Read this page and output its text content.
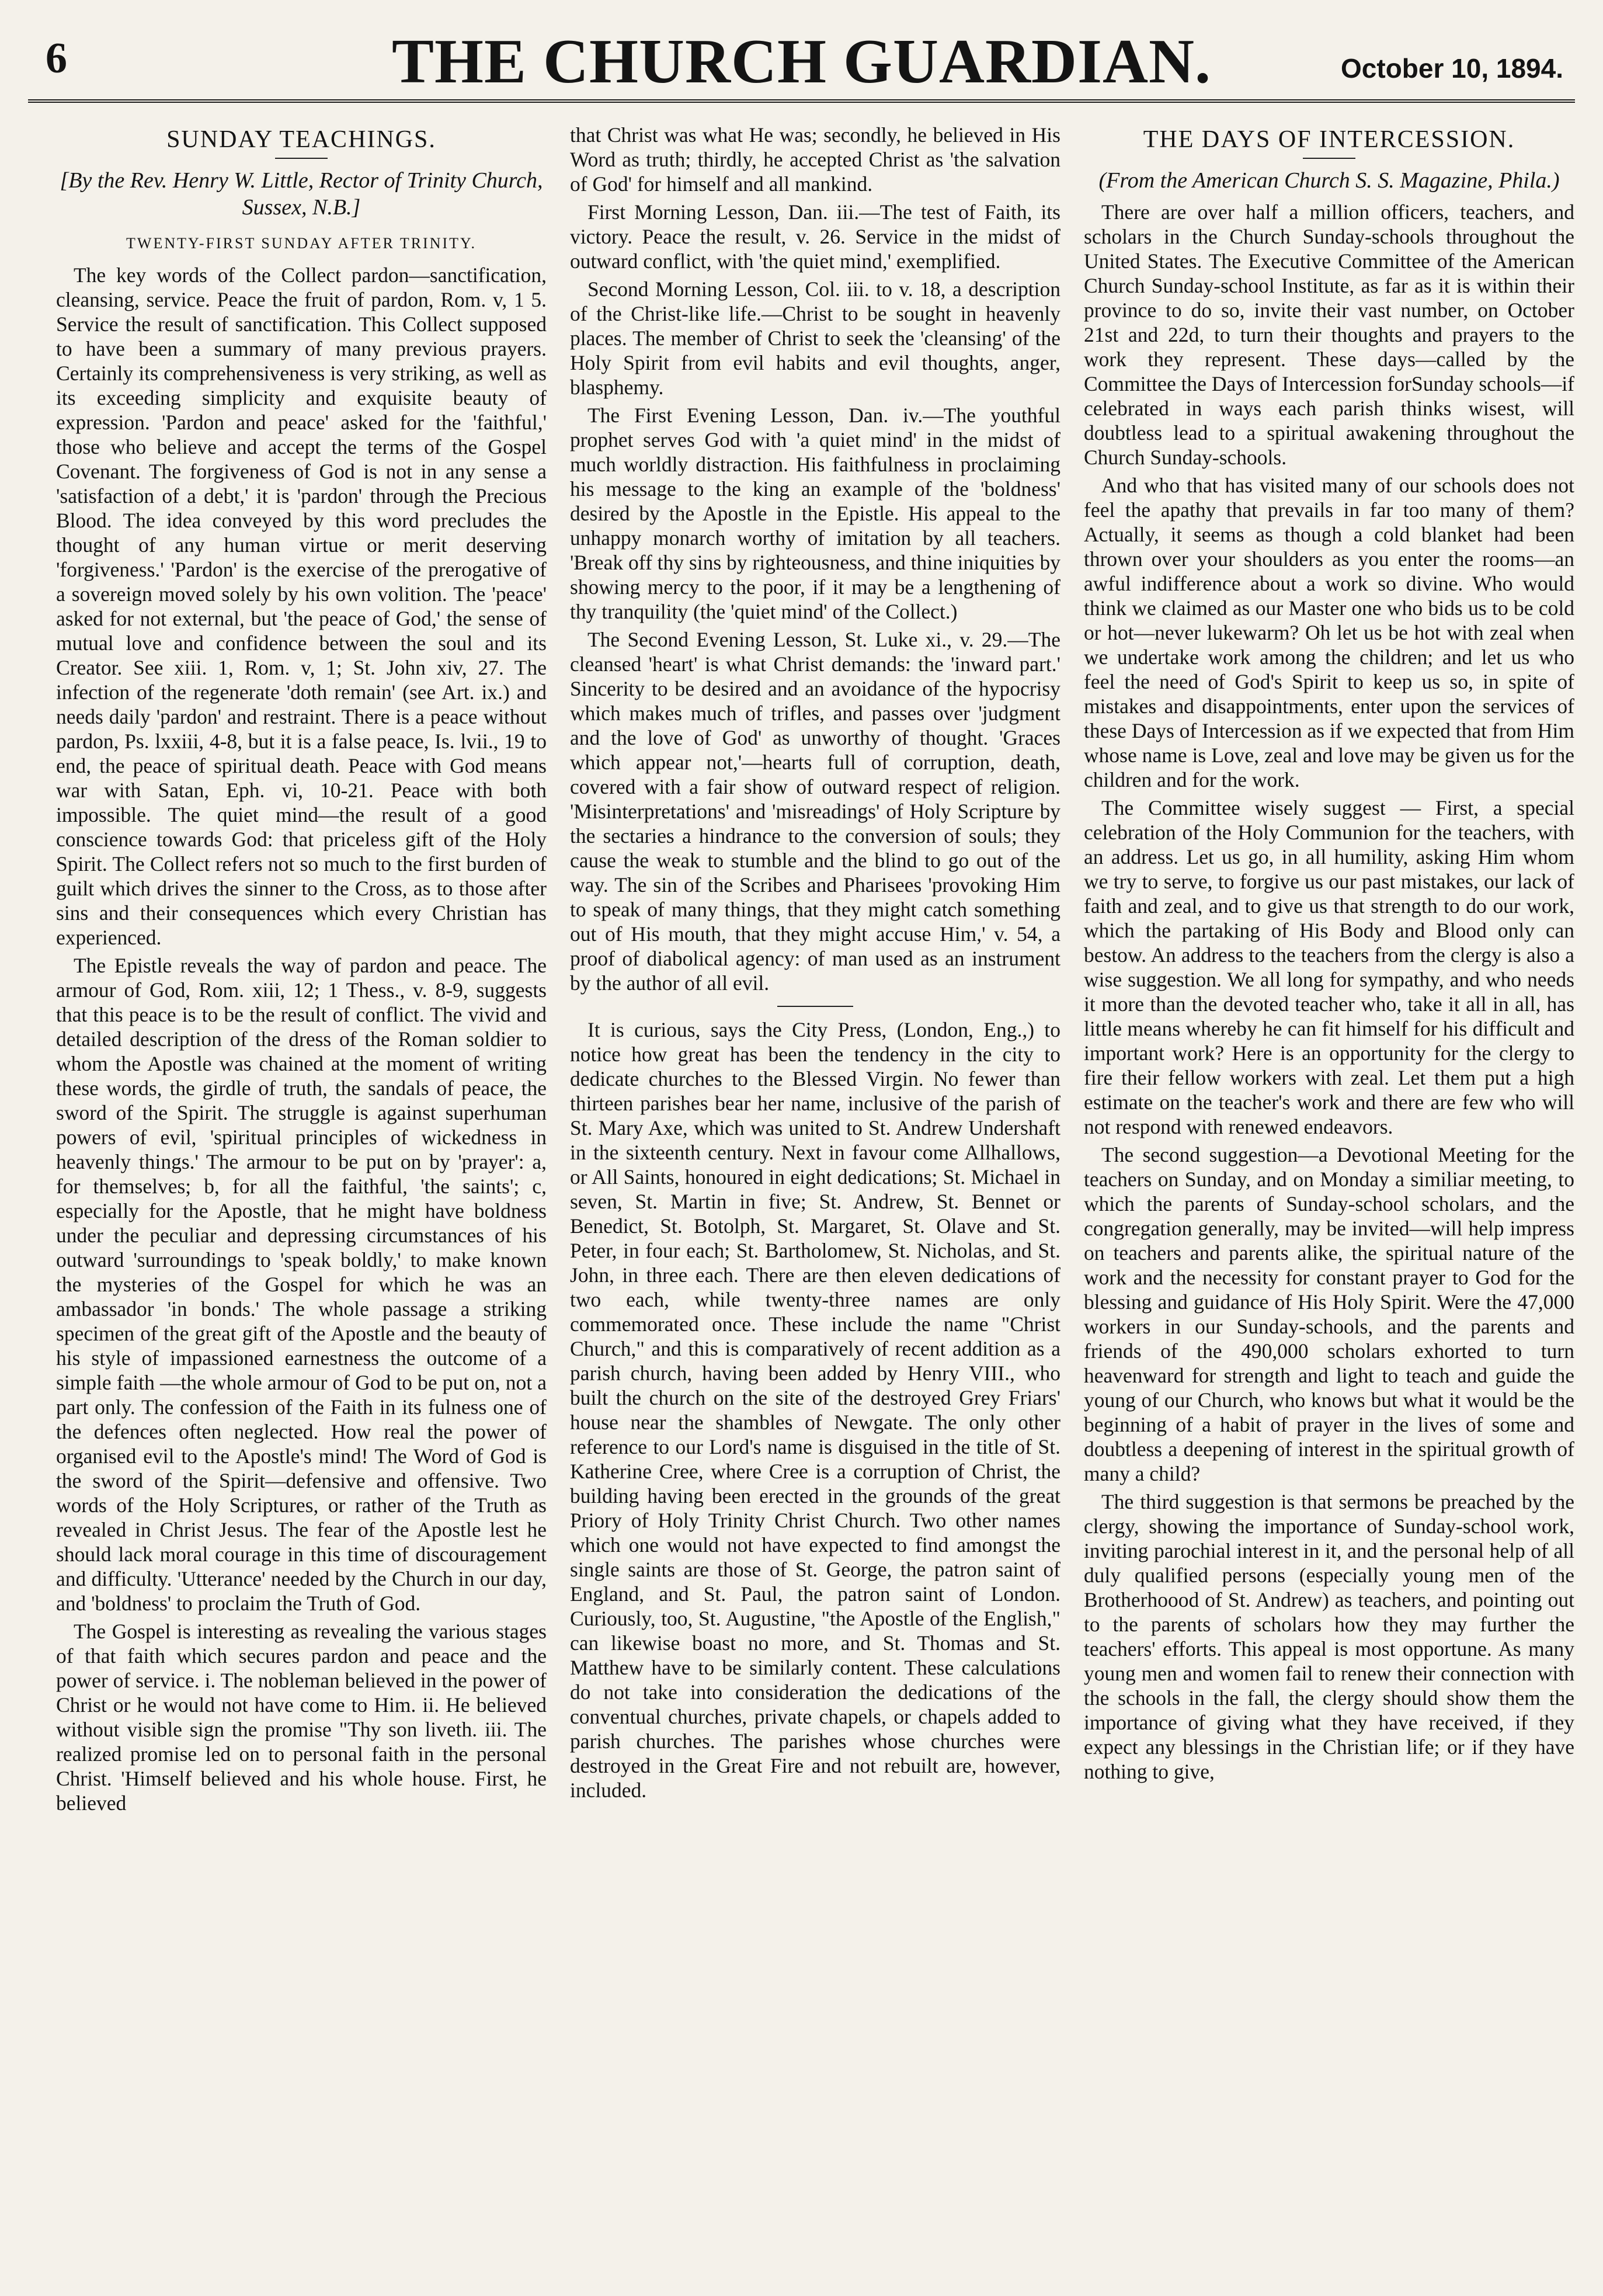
6	THE CHURCH GUARDIAN.	October 10, 1894.
SUNDAY TEACHINGS.
[By the Rev. Henry W. Little, Rector of Trinity Church, Sussex, N.B.]
TWENTY-FIRST SUNDAY AFTER TRINITY.

The key words of the Collect pardon—sanctification, cleansing, service. Peace the fruit of pardon, Rom. v, 1 5. Service the result of sanctification. This Collect supposed to have been a summary of many previous prayers. Certainly its comprehensiveness is very striking, as well as its exceeding simplicity and exquisite beauty of expression. 'Pardon and peace' asked for the 'faithful,' those who believe and accept the terms of the Gospel Covenant. The forgiveness of God is not in any sense a 'satisfaction of a debt,' it is 'pardon' through the Precious Blood. The idea conveyed by this word precludes the thought of any human virtue or merit deserving 'forgiveness.' 'Pardon' is the exercise of the prerogative of a sovereign moved solely by his own volition. The 'peace' asked for not external, but 'the peace of God,' the sense of mutual love and confidence between the soul and its Creator. See xiii. 1, Rom. v, 1; St. John xiv, 27. The infection of the regenerate 'doth remain' (see Art. ix.) and needs daily 'pardon' and restraint. There is a peace without pardon, Ps. lxxiii, 4-8, but it is a false peace, Is. lvii., 19 to end, the peace of spiritual death. Peace with God means war with Satan, Eph. vi, 10-21. Peace with both impossible. The quiet mind—the result of a good conscience towards God: that priceless gift of the Holy Spirit. The Collect refers not so much to the first burden of guilt which drives the sinner to the Cross, as to those after sins and their consequences which every Christian has experienced.

The Epistle reveals the way of pardon and peace. The armour of God, Rom. xiii, 12; 1 Thess., v. 8-9, suggests that this peace is to be the result of conflict. The vivid and detailed description of the dress of the Roman soldier to whom the Apostle was chained at the moment of writing these words, the girdle of truth, the sandals of peace, the sword of the Spirit. The struggle is against superhuman powers of evil, 'spiritual principles of wickedness in heavenly things.' The armour to be put on by 'prayer': a, for themselves; b, for all the faithful, 'the saints'; c, especially for the Apostle, that he might have boldness under the peculiar and depressing circumstances of his outward 'surroundings to 'speak boldly,' to make known the mysteries of the Gospel for which he was an ambassador 'in bonds.' The whole passage a striking specimen of the great gift of the Apostle and the beauty of his style of impassioned earnestness the outcome of a simple faith —the whole armour of God to be put on, not a part only. The confession of the Faith in its fulness one of the defences often neglected. How real the power of organised evil to the Apostle's mind! The Word of God is the sword of the Spirit—defensive and offensive. Two words of the Holy Scriptures, or rather of the Truth as revealed in Christ Jesus. The fear of the Apostle lest he should lack moral courage in this time of discouragement and difficulty. 'Utterance' needed by the Church in our day, and 'boldness' to proclaim the Truth of God.

The Gospel is interesting as revealing the various stages of that faith which secures pardon and peace and the power of service. i. The nobleman believed in the power of Christ or he would not have come to Him. ii. He believed without visible sign the promise "Thy son liveth. iii. The realized promise led on to personal faith in the personal Christ. 'Himself believed and his whole house. First, he believed

that Christ was what He was; secondly, he believed in His Word as truth; thirdly, he accepted Christ as 'the salvation of God' for himself and all mankind.

First Morning Lesson, Dan. iii.—The test of Faith, its victory. Peace the result, v. 26. Service in the midst of outward conflict, with 'the quiet mind,' exemplified.

Second Morning Lesson, Col. iii. to v. 18, a description of the Christ-like life.—Christ to be sought in heavenly places. The member of Christ to seek the 'cleansing' of the Holy Spirit from evil habits and evil thoughts, anger, blasphemy.

The First Evening Lesson, Dan. iv.—The youthful prophet serves God with 'a quiet mind' in the midst of much worldly distraction. His faithfulness in proclaiming his message to the king an example of the 'boldness' desired by the Apostle in the Epistle. His appeal to the unhappy monarch worthy of imitation by all teachers. 'Break off thy sins by righteousness, and thine iniquities by showing mercy to the poor, if it may be a lengthening of thy tranquility (the 'quiet mind' of the Collect.)

The Second Evening Lesson, St. Luke xi., v. 29.—The cleansed 'heart' is what Christ demands: the 'inward part.' Sincerity to be desired and an avoidance of the hypocrisy which makes much of trifles, and passes over 'judgment and the love of God' as unworthy of thought. 'Graces which appear not,'—hearts full of corruption, death, covered with a fair show of outward respect of religion. 'Misinterpretations' and 'misreadings' of Holy Scripture by the sectaries a hindrance to the conversion of souls; they cause the weak to stumble and the blind to go out of the way. The sin of the Scribes and Pharisees 'provoking Him to speak of many things, that they might catch something out of His mouth, that they might accuse Him,' v. 54, a proof of diabolical agency: of man used as an instrument by the author of all evil.

It is curious, says the City Press, (London, Eng.,) to notice how great has been the tendency in the city to dedicate churches to the Blessed Virgin. No fewer than thirteen parishes bear her name, inclusive of the parish of St. Mary Axe, which was united to St. Andrew Undershaft in the sixteenth century. Next in favour come Allhallows, or All Saints, honoured in eight dedications; St. Michael in seven, St. Martin in five; St. Andrew, St. Bennet or Benedict, St. Botolph, St. Margaret, St. Olave and St. Peter, in four each; St. Bartholomew, St. Nicholas, and St. John, in three each. There are then eleven dedications of two each, while twenty-three names are only commemorated once. These include the name "Christ Church," and this is comparatively of recent addition as a parish church, having been added by Henry VIII., who built the church on the site of the destroyed Grey Friars' house near the shambles of Newgate. The only other reference to our Lord's name is disguised in the title of St. Katherine Cree, where Cree is a corruption of Christ, the building having been erected in the grounds of the great Priory of Holy Trinity Christ Church. Two other names which one would not have expected to find amongst the single saints are those of St. George, the patron saint of England, and St. Paul, the patron saint of London. Curiously, too, St. Augustine, "the Apostle of the English," can likewise boast no more, and St. Thomas and St. Matthew have to be similarly content. These calculations do not take into consideration the dedications of the conventual churches, private chapels, or chapels added to parish churches. The parishes whose churches were destroyed in the Great Fire and not rebuilt are, however, included.

THE DAYS OF INTERCESSION.
(From the American Church S. S. Magazine, Phila.)

There are over half a million officers, teachers, and scholars in the Church Sunday-schools throughout the United States. The Executive Committee of the American Church Sunday-school Institute, as far as it is within their province to do so, invite their vast number, on October 21st and 22d, to turn their thoughts and prayers to the work they represent. These days—called by the Committee the Days of Intercession forSunday schools—if celebrated in ways each parish thinks wisest, will doubtless lead to a spiritual awakening throughout the Church Sunday-schools.

And who that has visited many of our schools does not feel the apathy that prevails in far too many of them? Actually, it seems as though a cold blanket had been thrown over your shoulders as you enter the rooms—an awful indifference about a work so divine. Who would think we claimed as our Master one who bids us to be cold or hot—never lukewarm? Oh let us be hot with zeal when we undertake work among the children; and let us who feel the need of God's Spirit to keep us so, in spite of mistakes and disappointments, enter upon the services of these Days of Intercession as if we expected that from Him whose name is Love, zeal and love may be given us for the children and for the work.

The Committee wisely suggest — First, a special celebration of the Holy Communion for the teachers, with an address. Let us go, in all humility, asking Him whom we try to serve, to forgive us our past mistakes, our lack of faith and zeal, and to give us that strength to do our work, which the partaking of His Body and Blood only can bestow. An address to the teachers from the clergy is also a wise suggestion. We all long for sympathy, and who needs it more than the devoted teacher who, take it all in all, has little means whereby he can fit himself for his difficult and important work? Here is an opportunity for the clergy to fire their fellow workers with zeal. Let them put a high estimate on the teacher's work and there are few who will not respond with renewed endeavors.

The second suggestion—a Devotional Meeting for the teachers on Sunday, and on Monday a similiar meeting, to which the parents of Sunday-school scholars, and the congregation generally, may be invited—will help impress on teachers and parents alike, the spiritual nature of the work and the necessity for constant prayer to God for the blessing and guidance of His Holy Spirit. Were the 47,000 workers in our Sunday-schools, and the parents and friends of the 490,000 scholars exhorted to turn heavenward for strength and light to teach and guide the young of our Church, who knows but what it would be the beginning of a habit of prayer in the lives of some and doubtless a deepening of interest in the spiritual growth of many a child?

The third suggestion is that sermons be preached by the clergy, showing the importance of Sunday-school work, inviting parochial interest in it, and the personal help of all duly qualified persons (especially young men of the Brotherhoood of St. Andrew) as teachers, and pointing out to the parents of scholars how they may further the teachers' efforts. This appeal is most opportune. As many young men and women fail to renew their connection with the schools in the fall, the clergy should show them the importance of giving what they have received, if they expect any blessings in the Christian life; or if they have nothing to give,
